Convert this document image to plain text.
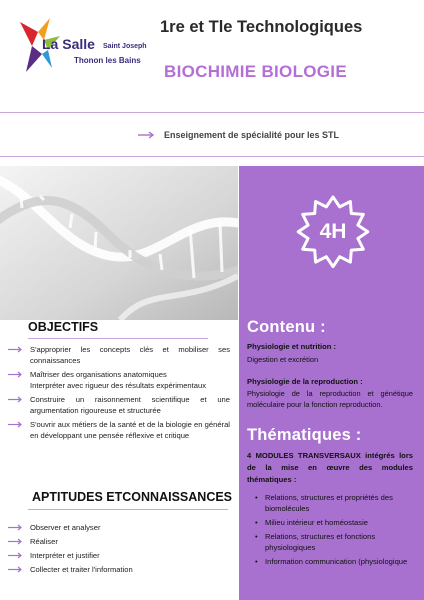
La Salle Saint Joseph
Thonon les Bains
1re et Tle Technologiques
BIOCHIMIE BIOLOGIE
Enseignement de spécialité pour les STL
4H
Contenu :
Physiologie et nutrition :
Digestion et excrétion
Physiologie de la reproduction :
Physiologie de la reproduction et génétique moléculaire pour la fonction reproduction.
Thématiques :
4 MODULES TRANSVERSAUX intégrés lors de la mise en œuvre des modules thématiques :
• Relations, structures et propriétés des biomolécules
• Milieu intérieur et homéostasie
• Relations, structures et fonctions physiologiques
• Information communication (physiologique
OBJECTIFS
S'approprier les concepts clés et mobiliser ses connaissances
Maîtriser des organisations anatomiques
Interpréter avec rigueur des résultats expérimentaux
Construire un raisonnement scientifique et une argumentation rigoureuse et structurée
S'ouvrir aux métiers de la santé et de la biologie en général en développant une pensée réflexive et critique
APTITUDES ETCONNAISSANCES
Observer et analyser
Réaliser
Interpréter et justifier
Collecter et traiter l'information
